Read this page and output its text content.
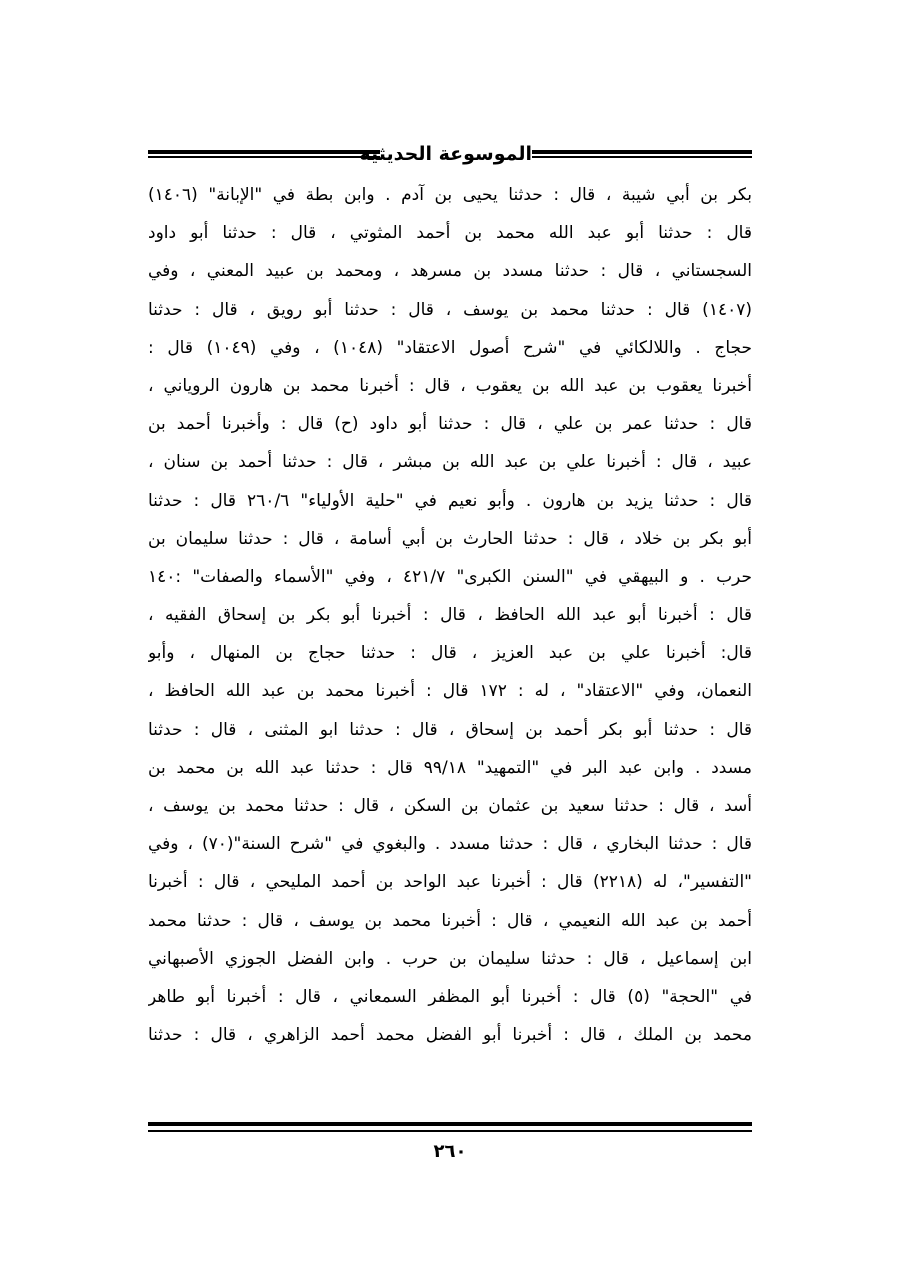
الموسوعة الحديثية
بكر بن أبي شيبة ، قال : حدثنا يحيى بن آدم . وابن بطة في "الإبانة" (١٤٠٦)
قال : حدثنا أبو عبد الله محمد بن أحمد المثوتي ، قال : حدثنا أبو داود
السجستاني ، قال : حدثنا مسدد بن مسرهد ، ومحمد بن عبيد المعني ، وفي
(١٤٠٧) قال : حدثنا محمد بن يوسف ، قال : حدثنا أبو رويق ، قال : حدثنا
حجاج . واللالكائي في "شرح أصول الاعتقاد" (١٠٤٨) ، وفي (١٠٤٩) قال :
أخبرنا يعقوب بن عبد الله بن يعقوب ، قال : أخبرنا محمد بن هارون الروياني ،
قال : حدثنا عمر بن علي ، قال : حدثنا أبو داود (ح) قال : وأخبرنا أحمد بن
عبيد ، قال : أخبرنا علي بن عبد الله بن مبشر ، قال : حدثنا أحمد بن سنان ،
قال : حدثنا يزيد بن هارون . وأبو نعيم في "حلية الأولياء" ٢٦٠/٦ قال : حدثنا
أبو بكر بن خلاد ، قال : حدثنا الحارث بن أبي أسامة ، قال : حدثنا سليمان بن
حرب . و البيهقي في "السنن الكبرى" ٤٢١/٧ ، وفي "الأسماء والصفات" :١٤٠
قال : أخبرنا أبو عبد الله الحافظ ، قال : أخبرنا أبو بكر بن إسحاق الفقيه ،
قال: أخبرنا علي بن عبد العزيز ، قال : حدثنا حجاج بن المنهال ، وأبو
النعمان، وفي "الاعتقاد" ، له : ١٧٢ قال : أخبرنا محمد بن عبد الله الحافظ ،
قال : حدثنا أبو بكر أحمد بن إسحاق ، قال : حدثنا ابو المثنى ، قال : حدثنا
مسدد . وابن عبد البر في "التمهيد" ٩٩/١٨ قال : حدثنا عبد الله بن محمد بن
أسد ، قال : حدثنا سعيد بن عثمان بن السكن ، قال : حدثنا محمد بن يوسف ،
قال : حدثنا البخاري ، قال : حدثنا مسدد . والبغوي في "شرح السنة"(٧٠) ، وفي
"التفسير"، له (٢٢١٨) قال : أخبرنا عبد الواحد بن أحمد المليحي ، قال : أخبرنا
أحمد بن عبد الله النعيمي ، قال : أخبرنا محمد بن يوسف ، قال : حدثنا محمد
ابن إسماعيل ، قال : حدثنا سليمان بن حرب . وابن الفضل الجوزي الأصبهاني
في "الحجة" (٥) قال : أخبرنا أبو المظفر السمعاني ، قال : أخبرنا أبو طاهر
محمد بن الملك ، قال : أخبرنا أبو الفضل محمد أحمد الزاهري ، قال : حدثنا
٢٦٠
